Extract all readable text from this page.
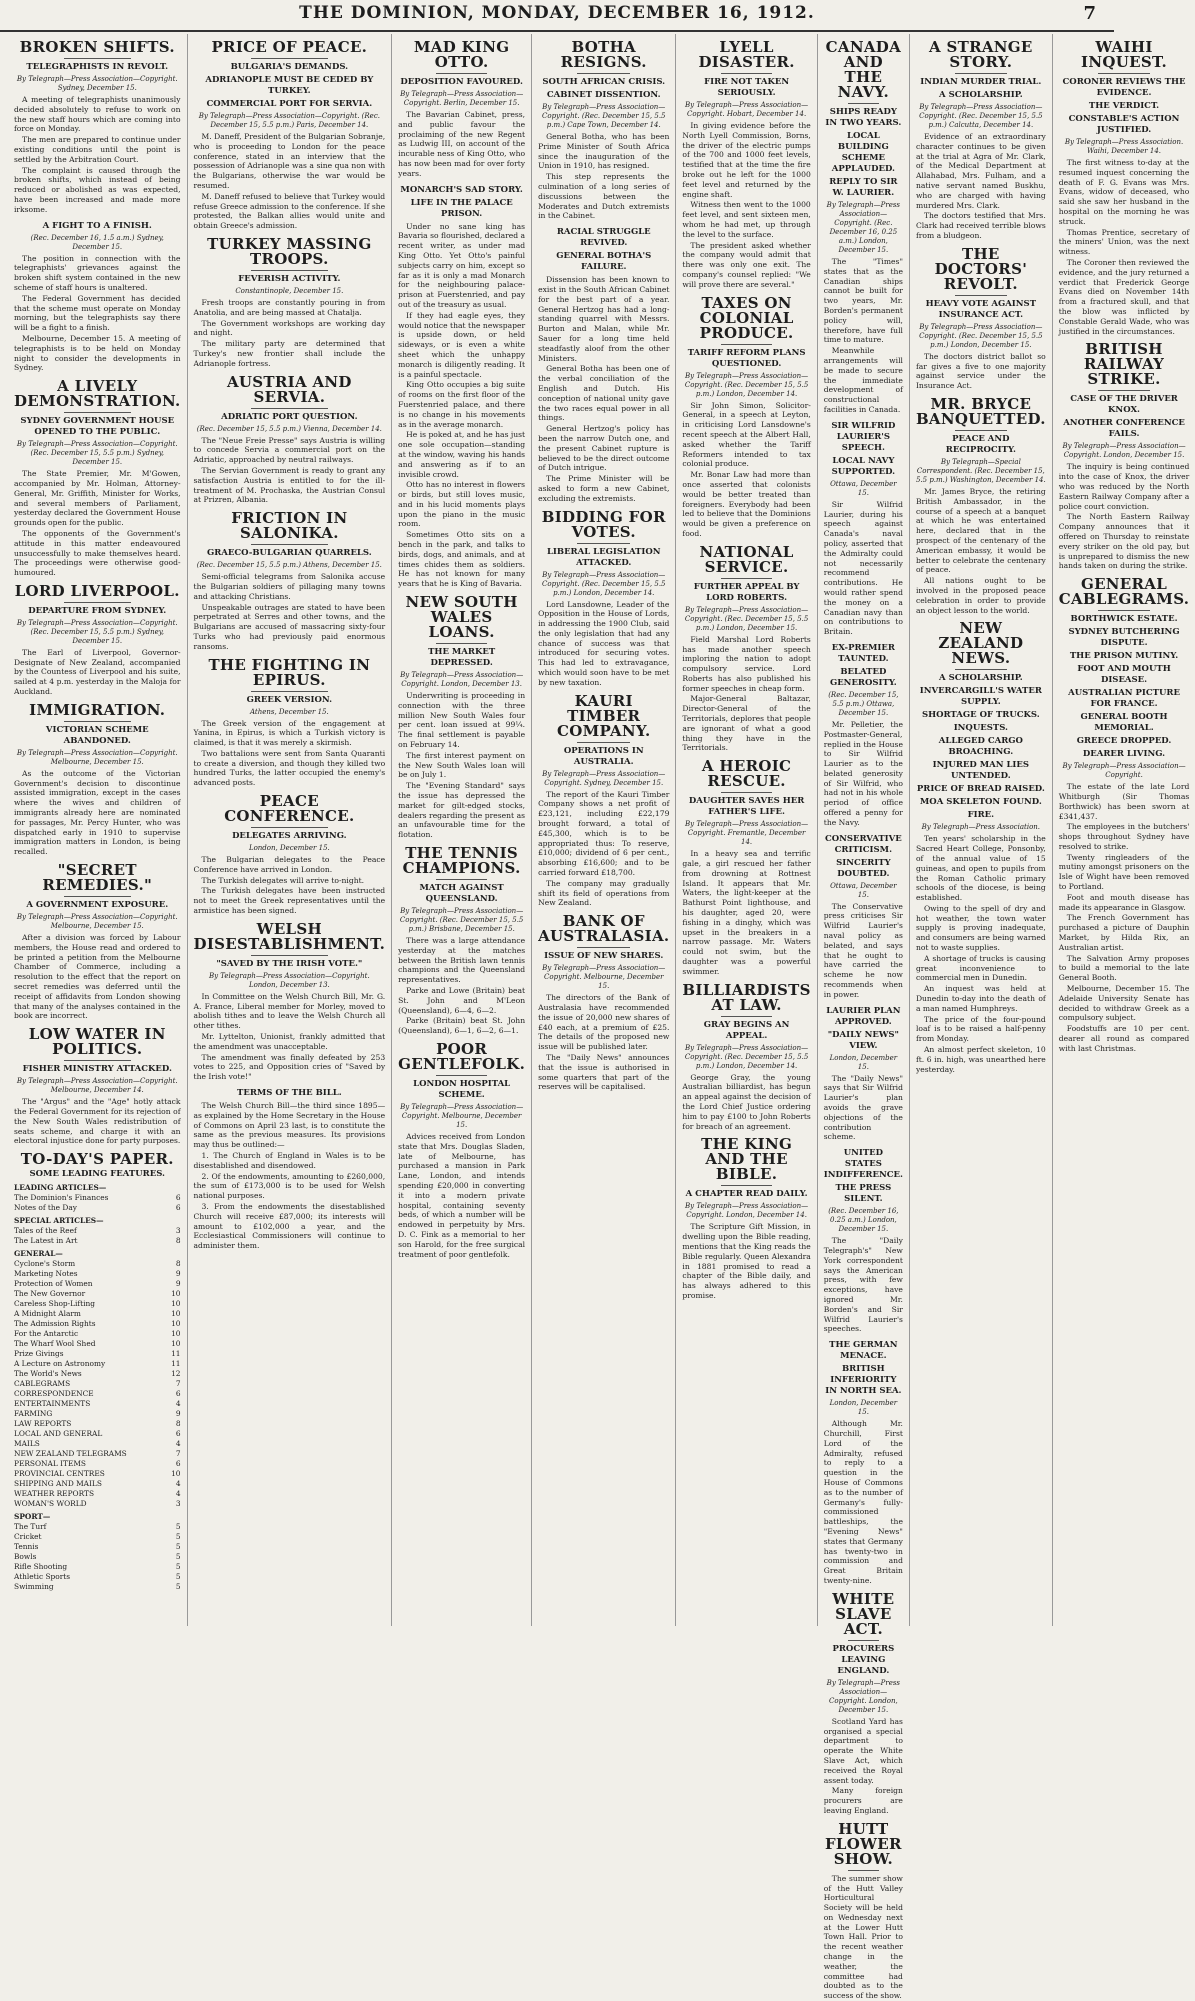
THE DOMINION, MONDAY, DECEMBER 16, 1912.	7
BROKEN SHIFTS.
TELEGRAPHISTS IN REVOLT.
By Telegraph—Press Association—Copyright. Sydney, December 15.

A meeting of telegraphists unanimously decided absolutely to refuse to work on the new staff hours which are coming into force on Monday.

The men are prepared to continue under existing conditions until the point is settled by the Arbitration Court.

The complaint is caused through the broken shifts, which instead of being reduced or abolished as was expected, have been increased and made more irksome.

A FIGHT TO A FINISH.
(Rec. December 16, 1.5 a.m.) Sydney, December 15.

The position in connection with the telegraphists' grievances against the broken shift system contained in the new scheme of staff hours is unaltered.

The Federal Government has decided that the scheme must operate on Monday morning, but the telegraphists say there will be a fight to a finish.

Melbourne, December 15. A meeting of telegraphists is to be held on Monday night to consider the developments in Sydney.

A LIVELY DEMONSTRATION.
SYDNEY GOVERNMENT HOUSE OPENED TO THE PUBLIC.
By Telegraph—Press Association—Copyright. (Rec. December 15, 5.5 p.m.) Sydney, December 15.

The State Premier, Mr. M'Gowen, accompanied by Mr. Holman, Attorney-General, Mr. Griffith, Minister for Works, and several members of Parliament, yesterday declared the Government House grounds open for the public.

The opponents of the Government's attitude in this matter endeavoured unsuccessfully to make themselves heard. The proceedings were otherwise good-humoured.

LORD LIVERPOOL.
DEPARTURE FROM SYDNEY.
By Telegraph—Press Association—Copyright. (Rec. December 15, 5.5 p.m.) Sydney, December 15.

The Earl of Liverpool, Governor-Designate of New Zealand, accompanied by the Countess of Liverpool and his suite, sailed at 4 p.m. yesterday in the Maloja for Auckland.

IMMIGRATION.
VICTORIAN SCHEME ABANDONED.
By Telegraph—Press Association—Copyright. Melbourne, December 15.

As the outcome of the Victorian Government's decision to discontinue assisted immigration, except in the cases where the wives and children of immigrants already here are nominated for passages, Mr. Percy Hunter, who was dispatched early in 1910 to supervise immigration matters in London, is being recalled.

"SECRET REMEDIES."
A GOVERNMENT EXPOSURE.
By Telegraph—Press Association—Copyright. Melbourne, December 15.

After a division was forced by Labour members, the House read and ordered to be printed a petition from the Melbourne Chamber of Commerce, including a resolution to the effect that the report on secret remedies was deferred until the receipt of affidavits from London showing that many of the analyses contained in the book are incorrect.

LOW WATER IN POLITICS.
FISHER MINISTRY ATTACKED.
By Telegraph—Press Association—Copyright. Melbourne, December 14.

The "Argus" and the "Age" hotly attack the Federal Government for its rejection of the New South Wales redistribution of seats scheme, and charge it with an electoral injustice done for party purposes.

TO-DAY'S PAPER.
SOME LEADING FEATURES.
LEADING ARTICLES—
The Dominion's Finances	6
Notes of the Day	6
SPECIAL ARTICLES—
Tales of the Reef	3
The Latest in Art	8
GENERAL—
Cyclone's Storm	8
Marketing Notes	9
Protection of Women	9
The New Governor	10
Careless Shop-Lifting	10
A Midnight Alarm	10
The Admission Rights	10
For the Antarctic	10
The Wharf Wool Shed	10
Prize Givings	11
A Lecture on Astronomy	11
The World's News	12
CABLEGRAMS	7
CORRESPONDENCE	6
ENTERTAINMENTS	4
FARMING	9
LAW REPORTS	8
LOCAL AND GENERAL	6
MAILS	4
NEW ZEALAND TELEGRAMS	7
PERSONAL ITEMS	6
PROVINCIAL CENTRES	10
SHIPPING AND MAILS	4
WEATHER REPORTS	4
WOMAN'S WORLD	3
SPORT—
The Turf	5
Cricket	5
Tennis	5
Bowls	5
Rifle Shooting	5
Athletic Sports	5
Swimming	5
PRICE OF PEACE.
BULGARIA'S DEMANDS.
ADRIANOPLE MUST BE CEDED BY TURKEY.
COMMERCIAL PORT FOR SERVIA.
By Telegraph—Press Association—Copyright. (Rec. December 15, 5.5 p.m.) Paris, December 14.

M. Daneff, President of the Bulgarian Sobranje, who is proceeding to London for the peace conference, stated in an interview that the possession of Adrianople was a sine qua non with the Bulgarians, otherwise the war would be resumed.

M. Daneff refused to believe that Turkey would refuse Greece admission to the conference. If she protested, the Balkan allies would unite and obtain Greece's admission.

TURKEY MASSING TROOPS.
FEVERISH ACTIVITY.
Constantinople, December 15.

Fresh troops are constantly pouring in from Anatolia, and are being massed at Chatalja.

The Government workshops are working day and night.

The military party are determined that Turkey's new frontier shall include the Adrianople fortress.

AUSTRIA AND SERVIA.
ADRIATIC PORT QUESTION.
(Rec. December 15, 5.5 p.m.) Vienna, December 14.

The "Neue Freie Presse" says Austria is willing to concede Servia a commercial port on the Adriatic, approached by neutral railways.

The Servian Government is ready to grant any satisfaction Austria is entitled to for the ill-treatment of M. Prochaska, the Austrian Consul at Prizren, Albania.

FRICTION IN SALONIKA.
GRAECO-BULGARIAN QUARRELS.
(Rec. December 15, 5.5 p.m.) Athens, December 15.

Semi-official telegrams from Salonika accuse the Bulgarian soldiers of pillaging many towns and attacking Christians.

Unspeakable outrages are stated to have been perpetrated at Serres and other towns, and the Bulgarians are accused of massacring sixty-four Turks who had previously paid enormous ransoms.

THE FIGHTING IN EPIRUS.
GREEK VERSION.
Athens, December 15.

The Greek version of the engagement at Yanina, in Epirus, is which a Turkish victory is claimed, is that it was merely a skirmish.

Two battalions were sent from Santa Quaranti to create a diversion, and though they killed two hundred Turks, the latter occupied the enemy's advanced posts.

PEACE CONFERENCE.
DELEGATES ARRIVING.
London, December 15.

The Bulgarian delegates to the Peace Conference have arrived in London.

The Turkish delegates will arrive to-night.

The Turkish delegates have been instructed not to meet the Greek representatives until the armistice has been signed.

WELSH DISESTABLISHMENT.
"SAVED BY THE IRISH VOTE."
By Telegraph—Press Association—Copyright. London, December 13.

In Committee on the Welsh Church Bill, Mr. G. A. France, Liberal member for Morley, moved to abolish tithes and to leave the Welsh Church all other tithes.

Mr. Lyttelton, Unionist, frankly admitted that the amendment was unacceptable.

The amendment was finally defeated by 253 votes to 225, and Opposition cries of "Saved by the Irish vote!"

TERMS OF THE BILL.

The Welsh Church Bill—the third since 1895—as explained by the Home Secretary in the House of Commons on April 23 last, is to constitute the same as the previous measures. Its provisions may thus be outlined:—

1. The Church of England in Wales is to be disestablished and disendowed.

2. Of the endowments, amounting to £260,000, the sum of £173,000 is to be used for Welsh national purposes.

3. From the endowments the disestablished Church will receive £87,000; its interests will amount to £102,000 a year, and the Ecclesiastical Commissioners will continue to administer them.

MAD KING OTTO.
DEPOSITION FAVOURED.
By Telegraph—Press Association—Copyright. Berlin, December 15.

The Bavarian Cabinet, press, and public favour the proclaiming of the new Regent as Ludwig III, on account of the incurable ness of King Otto, who has now been mad for over forty years.

MONARCH'S SAD STORY.
LIFE IN THE PALACE PRISON.

Under no sane king has Bavaria so flourished, declared a recent writer, as under mad King Otto. Yet Otto's painful subjects carry on him, except so far as it is only a mad Monarch for the neighbouring palace-prison at Fuerstenried, and pay out of the treasury as usual.

If they had eagle eyes, they would notice that the newspaper is upside down, or held sideways, or is even a white sheet which the unhappy monarch is diligently reading. It is a painful spectacle.

King Otto occupies a big suite of rooms on the first floor of the Fuerstenried palace, and there is no change in his movements as in the average monarch.

He is poked at, and he has just one sole occupation—standing at the window, waving his hands and answering as if to an invisible crowd.

Otto has no interest in flowers or birds, but still loves music, and in his lucid moments plays upon the piano in the music room.

Sometimes Otto sits on a bench in the park, and talks to birds, dogs, and animals, and at times chides them as soldiers. He has not known for many years that he is King of Bavaria.

NEW SOUTH WALES LOANS.
THE MARKET DEPRESSED.
By Telegraph—Press Association—Copyright. London, December 13.

Underwriting is proceeding in connection with the three million New South Wales four per cent. loan issued at 99¼. The final settlement is payable on February 14.

The first interest payment on the New South Wales loan will be on July 1.

The "Evening Standard" says the issue has depressed the market for gilt-edged stocks, dealers regarding the present as an unfavourable time for the flotation.

THE TENNIS CHAMPIONS.
MATCH AGAINST QUEENSLAND.
By Telegraph—Press Association—Copyright. (Rec. December 15, 5.5 p.m.) Brisbane, December 15.

There was a large attendance yesterday at the matches between the British lawn tennis champions and the Queensland representatives.

Parke and Lowe (Britain) beat St. John and M'Leon (Queensland), 6—4, 6—2.

Parke (Britain) beat St. John (Queensland), 6—1, 6—2, 6—1.

POOR GENTLEFOLK.
LONDON HOSPITAL SCHEME.
By Telegraph—Press Association—Copyright. Melbourne, December 15.

Advices received from London state that Mrs. Douglas Sladen, late of Melbourne, has purchased a mansion in Park Lane, London, and intends spending £20,000 in converting it into a modern private hospital, containing seventy beds, of which a number will be endowed in perpetuity by Mrs. D. C. Fink as a memorial to her son Harold, for the free surgical treatment of poor gentlefolk.

BOTHA RESIGNS.
SOUTH AFRICAN CRISIS.
CABINET DISSENTION.
By Telegraph—Press Association—Copyright. (Rec. December 15, 5.5 p.m.) Cape Town, December 14.

General Botha, who has been Prime Minister of South Africa since the inauguration of the Union in 1910, has resigned.

This step represents the culmination of a long series of discussions between the Moderates and Dutch extremists in the Cabinet.

RACIAL STRUGGLE REVIVED.
GENERAL BOTHA'S FAILURE.

Dissension has been known to exist in the South African Cabinet for the best part of a year. General Hertzog has had a long-standing quarrel with Messrs. Burton and Malan, while Mr. Sauer for a long time held steadfastly aloof from the other Ministers.

General Botha has been one of the verbal conciliation of the English and Dutch. His conception of national unity gave the two races equal power in all things.

General Hertzog's policy has been the narrow Dutch one, and the present Cabinet rupture is believed to be the direct outcome of Dutch intrigue.

The Prime Minister will be asked to form a new Cabinet, excluding the extremists.

BIDDING FOR VOTES.
LIBERAL LEGISLATION ATTACKED.
By Telegraph—Press Association—Copyright. (Rec. December 15, 5.5 p.m.) London, December 14.

Lord Lansdowne, Leader of the Opposition in the House of Lords, in addressing the 1900 Club, said the only legislation that had any chance of success was that introduced for securing votes. This had led to extravagance, which would soon have to be met by new taxation.

KAURI TIMBER COMPANY.
OPERATIONS IN AUSTRALIA.
By Telegraph—Press Association—Copyright. Sydney, December 15.

The report of the Kauri Timber Company shows a net profit of £23,121, including £22,179 brought forward, a total of £45,300, which is to be appropriated thus: To reserve, £10,000; dividend of 6 per cent., absorbing £16,600; and to be carried forward £18,700.

The company may gradually shift its field of operations from New Zealand.

BANK OF AUSTRALASIA.
ISSUE OF NEW SHARES.
By Telegraph—Press Association—Copyright. Melbourne, December 15.

The directors of the Bank of Australasia have recommended the issue of 20,000 new shares of £40 each, at a premium of £25. The details of the proposed new issue will be published later.

The "Daily News" announces that the issue is authorised in some quarters that part of the reserves will be capitalised.

LYELL DISASTER.
FIRE NOT TAKEN SERIOUSLY.
By Telegraph—Press Association—Copyright. Hobart, December 14.

In giving evidence before the North Lyell Commission, Borns, the driver of the electric pumps of the 700 and 1000 feet levels, testified that at the time the fire broke out he left for the 1000 feet level and returned by the engine shaft.

Witness then went to the 1000 feet level, and sent sixteen men, whom he had met, up through the level to the surface.

The president asked whether the company would admit that there was only one exit. The company's counsel replied: "We will prove there are several."

TAXES ON COLONIAL PRODUCE.
TARIFF REFORM PLANS QUESTIONED.
By Telegraph—Press Association—Copyright. (Rec. December 15, 5.5 p.m.) London, December 14.

Sir John Simon, Solicitor-General, in a speech at Leyton, in criticising Lord Lansdowne's recent speech at the Albert Hall, asked whether the Tariff Reformers intended to tax colonial produce.

Mr. Bonar Law had more than once asserted that colonists would be better treated than foreigners. Everybody had been led to believe that the Dominions would be given a preference on food.

NATIONAL SERVICE.
FURTHER APPEAL BY LORD ROBERTS.
By Telegraph—Press Association—Copyright. (Rec. December 15, 5.5 p.m.) London, December 15.

Field Marshal Lord Roberts has made another speech imploring the nation to adopt compulsory service. Lord Roberts has also published his former speeches in cheap form.

Major-General Baltazar, Director-General of the Territorials, deplores that people are ignorant of what a good thing they have in the Territorials.

A HEROIC RESCUE.
DAUGHTER SAVES HER FATHER'S LIFE.
By Telegraph—Press Association—Copyright. Fremantle, December 14.

In a heavy sea and terrific gale, a girl rescued her father from drowning at Rottnest Island. It appears that Mr. Waters, the light-keeper at the Bathurst Point lighthouse, and his daughter, aged 20, were fishing in a dinghy, which was upset in the breakers in a narrow passage. Mr. Waters could not swim, but the daughter was a powerful swimmer.

BILLIARDISTS AT LAW.
GRAY BEGINS AN APPEAL.
By Telegraph—Press Association—Copyright. (Rec. December 15, 5.5 p.m.) London, December 14.

George Gray, the young Australian billiardist, has begun an appeal against the decision of the Lord Chief Justice ordering him to pay £100 to John Roberts for breach of an agreement.

THE KING AND THE BIBLE.
A CHAPTER READ DAILY.
By Telegraph—Press Association—Copyright. London, December 14.

The Scripture Gift Mission, in dwelling upon the Bible reading, mentions that the King reads the Bible regularly. Queen Alexandra in 1881 promised to read a chapter of the Bible daily, and has always adhered to this promise.

CANADA AND THE NAVY.
SHIPS READY IN TWO YEARS.
LOCAL BUILDING SCHEME APPLAUDED.
REPLY TO SIR W. LAURIER.
By Telegraph—Press Association—Copyright. (Rec. December 16, 0.25 a.m.) London, December 15.

The "Times" states that as the Canadian ships cannot be built for two years, Mr. Borden's permanent policy will, therefore, have full time to mature.

Meanwhile arrangements will be made to secure the immediate development of constructional facilities in Canada.

SIR WILFRID LAURIER'S SPEECH.
LOCAL NAVY SUPPORTED.
Ottawa, December 15.

Sir Wilfrid Laurier, during his speech against Canada's naval policy, asserted that the Admiralty could not necessarily recommend contributions. He would rather spend the money on a Canadian navy than on contributions to Britain.

EX-PREMIER TAUNTED.
BELATED GENEROSITY.
(Rec. December 15, 5.5 p.m.) Ottawa, December 15.

Mr. Pelletier, the Postmaster-General, replied in the House to Sir Wilfrid Laurier as to the belated generosity of Sir Wilfrid, who had not in his whole period of office offered a penny for the Navy.

CONSERVATIVE CRITICISM.
SINCERITY DOUBTED.
Ottawa, December 15.

The Conservative press criticises Sir Wilfrid Laurier's naval policy as belated, and says that he ought to have carried the scheme he now recommends when in power.

LAURIER PLAN APPROVED.
"DAILY NEWS" VIEW.
London, December 15.

The "Daily News" says that Sir Wilfrid Laurier's plan avoids the grave objections of the contribution scheme.

UNITED STATES INDIFFERENCE.
THE PRESS SILENT.
(Rec. December 16, 0.25 a.m.) London, December 15.

The "Daily Telegraph's" New York correspondent says the American press, with few exceptions, have ignored Mr. Borden's and Sir Wilfrid Laurier's speeches.

THE GERMAN MENACE.
BRITISH INFERIORITY IN NORTH SEA.
London, December 15.

Although Mr. Churchill, First Lord of the Admiralty, refused to reply to a question in the House of Commons as to the number of Germany's fully-commissioned battleships, the "Evening News" states that Germany has twenty-two in commission and Great Britain twenty-nine.

WHITE SLAVE ACT.
PROCURERS LEAVING ENGLAND.
By Telegraph—Press Association—Copyright. London, December 15.

Scotland Yard has organised a special department to operate the White Slave Act, which received the Royal assent today.

Many foreign procurers are leaving England.

HUTT FLOWER SHOW.

The summer show of the Hutt Valley Horticultural Society will be held on Wednesday next at the Lower Hutt Town Hall. Prior to the recent weather change in the weather, the committee had doubted as to the success of the show.

A STRANGE STORY.
INDIAN MURDER TRIAL.
A SCHOLARSHIP.
By Telegraph—Press Association—Copyright. (Rec. December 15, 5.5 p.m.) Calcutta, December 14.

Evidence of an extraordinary character continues to be given at the trial at Agra of Mr. Clark, of the Medical Department at Allahabad, Mrs. Fulham, and a native servant named Buskhu, who are charged with having murdered Mrs. Clark.

The doctors testified that Mrs. Clark had received terrible blows from a bludgeon.

THE DOCTORS' REVOLT.
HEAVY VOTE AGAINST INSURANCE ACT.
By Telegraph—Press Association—Copyright. (Rec. December 15, 5.5 p.m.) London, December 15.

The doctors district ballot so far gives a five to one majority against service under the Insurance Act.

MR. BRYCE BANQUETTED.
PEACE AND RECIPROCITY.
By Telegraph—Special Correspondent. (Rec. December 15, 5.5 p.m.) Washington, December 14.

Mr. James Bryce, the retiring British Ambassador, in the course of a speech at a banquet at which he was entertained here, declared that in the prospect of the centenary of the American embassy, it would be better to celebrate the centenary of peace.

All nations ought to be involved in the proposed peace celebration in order to provide an object lesson to the world.

NEW ZEALAND NEWS.
A SCHOLARSHIP.
INVERCARGILL'S WATER SUPPLY.
SHORTAGE OF TRUCKS.
INQUESTS.
ALLEGED CARGO BROACHING.
INJURED MAN LIES UNTENDED.
PRICE OF BREAD RAISED.
MOA SKELETON FOUND.
FIRE.
By Telegraph—Press Association.

Ten years' scholarship in the Sacred Heart College, Ponsonby, of the annual value of 15 guineas, and open to pupils from the Roman Catholic primary schools of the diocese, is being established.

Owing to the spell of dry and hot weather, the town water supply is proving inadequate, and consumers are being warned not to waste supplies.

A shortage of trucks is causing great inconvenience to commercial men in Dunedin.

An inquest was held at Dunedin to-day into the death of a man named Humphreys.

The price of the four-pound loaf is to be raised a half-penny from Monday.

An almost perfect skeleton, 10 ft. 6 in. high, was unearthed here yesterday.

WAIHI INQUEST.
CORONER REVIEWS THE EVIDENCE.
THE VERDICT.
CONSTABLE'S ACTION JUSTIFIED.
By Telegraph—Press Association. Waihi, December 14.

The first witness to-day at the resumed inquest concerning the death of F. G. Evans was Mrs. Evans, widow of deceased, who said she saw her husband in the hospital on the morning he was struck.

Thomas Prentice, secretary of the miners' Union, was the next witness.

The Coroner then reviewed the evidence, and the jury returned a verdict that Frederick George Evans died on November 14th from a fractured skull, and that the blow was inflicted by Constable Gerald Wade, who was justified in the circumstances.

BRITISH RAILWAY STRIKE.
CASE OF THE DRIVER KNOX.
ANOTHER CONFERENCE FAILS.
By Telegraph—Press Association—Copyright. London, December 15.

The inquiry is being continued into the case of Knox, the driver who was reduced by the North Eastern Railway Company after a police court conviction.

The North Eastern Railway Company announces that it offered on Thursday to reinstate every striker on the old pay, but is unprepared to dismiss the new hands taken on during the strike.

GENERAL CABLEGRAMS.
BORTHWICK ESTATE.
SYDNEY BUTCHERING DISPUTE.
THE PRISON MUTINY.
FOOT AND MOUTH DISEASE.
AUSTRALIAN PICTURE FOR FRANCE.
GENERAL BOOTH MEMORIAL.
GREECE DROPPED.
DEARER LIVING.
By Telegraph—Press Association—Copyright.

The estate of the late Lord Whitburgh (Sir Thomas Borthwick) has been sworn at £341,437.

The employees in the butchers' shops throughout Sydney have resolved to strike.

Twenty ringleaders of the mutiny amongst prisoners on the Isle of Wight have been removed to Portland.

Foot and mouth disease has made its appearance in Glasgow.

The French Government has purchased a picture of Dauphin Market, by Hilda Rix, an Australian artist.

The Salvation Army proposes to build a memorial to the late General Booth.

Melbourne, December 15. The Adelaide University Senate has decided to withdraw Greek as a compulsory subject.

Foodstuffs are 10 per cent. dearer all round as compared with last Christmas.
